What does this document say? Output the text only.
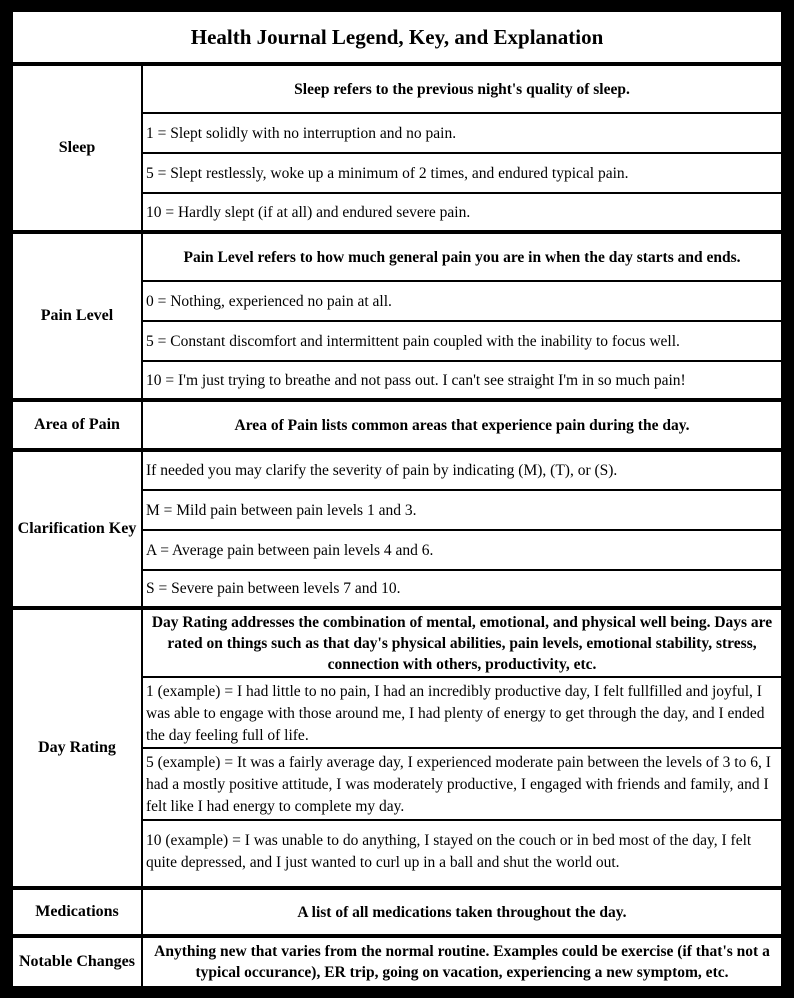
Health Journal Legend, Key, and Explanation
Sleep
Sleep refers to the previous night's quality of sleep.
1 = Slept solidly with no interruption and no pain.
5 = Slept restlessly, woke up a minimum of 2 times, and endured typical pain.
10 = Hardly slept (if at all) and endured severe pain.
Pain Level
Pain Level refers to how much general pain you are in when the day starts and ends.
0 = Nothing, experienced no pain at all.
5 = Constant discomfort and intermittent pain coupled with the inability to focus well.
10 = I'm just trying to breathe and not pass out. I can't see straight I'm in so much pain!
Area of Pain	Area of Pain lists common areas that experience pain during the day.
Clarification Key
If needed you may clarify the severity of pain by indicating (M), (T), or (S).
M = Mild pain between pain levels 1 and 3.
A = Average pain between pain levels 4 and 6.
S = Severe pain between levels 7 and 10.
Day Rating
Day Rating addresses the combination of mental, emotional, and physical well being. Days are rated on things such as that day's physical abilities, pain levels, emotional stability, stress, connection with others, productivity, etc.
1 (example) = I had little to no pain, I had an incredibly productive day, I felt fullfilled and joyful, I was able to engage with those around me, I had plenty of energy to get through the day, and I ended the day feeling full of life.
5 (example) = It was a fairly average day, I experienced moderate pain between the levels of 3 to 6, I had a mostly positive attitude, I was moderately productive, I engaged with friends and family, and I felt like I had energy to complete my day.
10 (example) = I was unable to do anything, I stayed on the couch or in bed most of the day, I felt quite depressed, and I just wanted to curl up in a ball and shut the world out.
Medications	A list of all medications taken throughout the day.
Notable Changes
Anything new that varies from the normal routine. Examples could be exercise (if that's not a typical occurance), ER trip, going on vacation, experiencing a new symptom, etc.
